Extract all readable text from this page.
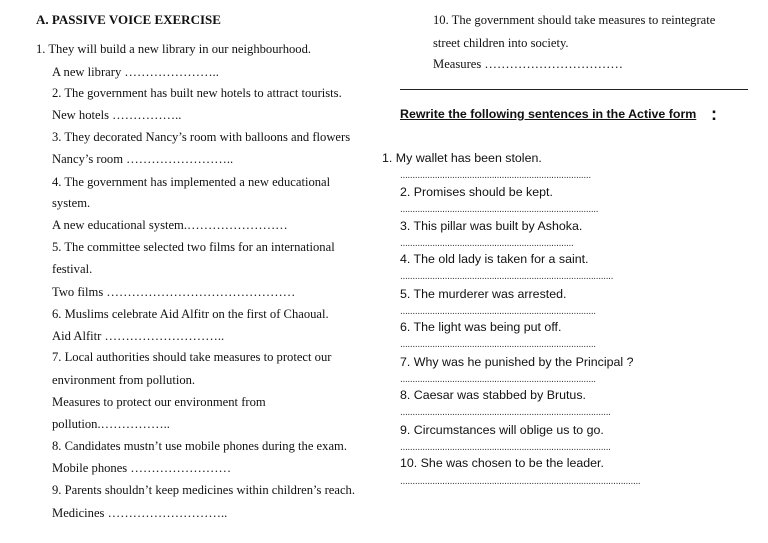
A. PASSIVE VOICE EXERCISE
1. They will build a new library in our neighbourhood.
A new library …………………..
2. The government has built new hotels to attract tourists.
New hotels ……………..
3. They decorated Nancy’s room with balloons and flowers
Nancy’s room ……………………..
4. The government has implemented a new educational
system.
A new educational system.……………………
5. The committee selected two films for an international
festival.
Two films ………………………………………
6. Muslims celebrate Aid Alfitr on the first of Chaoual.
Aid Alfitr ………………………..
7. Local authorities should take measures to protect our
environment from pollution.
Measures to protect our environment from
pollution.……………..
8. Candidates mustn’t use mobile phones during the exam.
Mobile phones ……………………
9. Parents shouldn’t keep medicines within children’s reach.
Medicines ………………………..
10. The government should take measures to reintegrate
street children into society.
Measures ……………………………
Rewrite the following sentences in the Active form :
1. My wallet has been stolen.
.............................................................................
2. Promises should be kept.
................................................................................
3. This pillar was built by Ashoka.
......................................................................
4. The old lady is taken for a saint.
......................................................................................
5. The murderer was arrested.
...............................................................................
6. The light was being put off.
...............................................................................
7. Why was he punished by the Principal ?
...............................................................................
8. Caesar was stabbed by Brutus.
.....................................................................................
9. Circumstances will oblige us to go.
.....................................................................................
10. She was chosen to be the leader.
.................................................................................................
